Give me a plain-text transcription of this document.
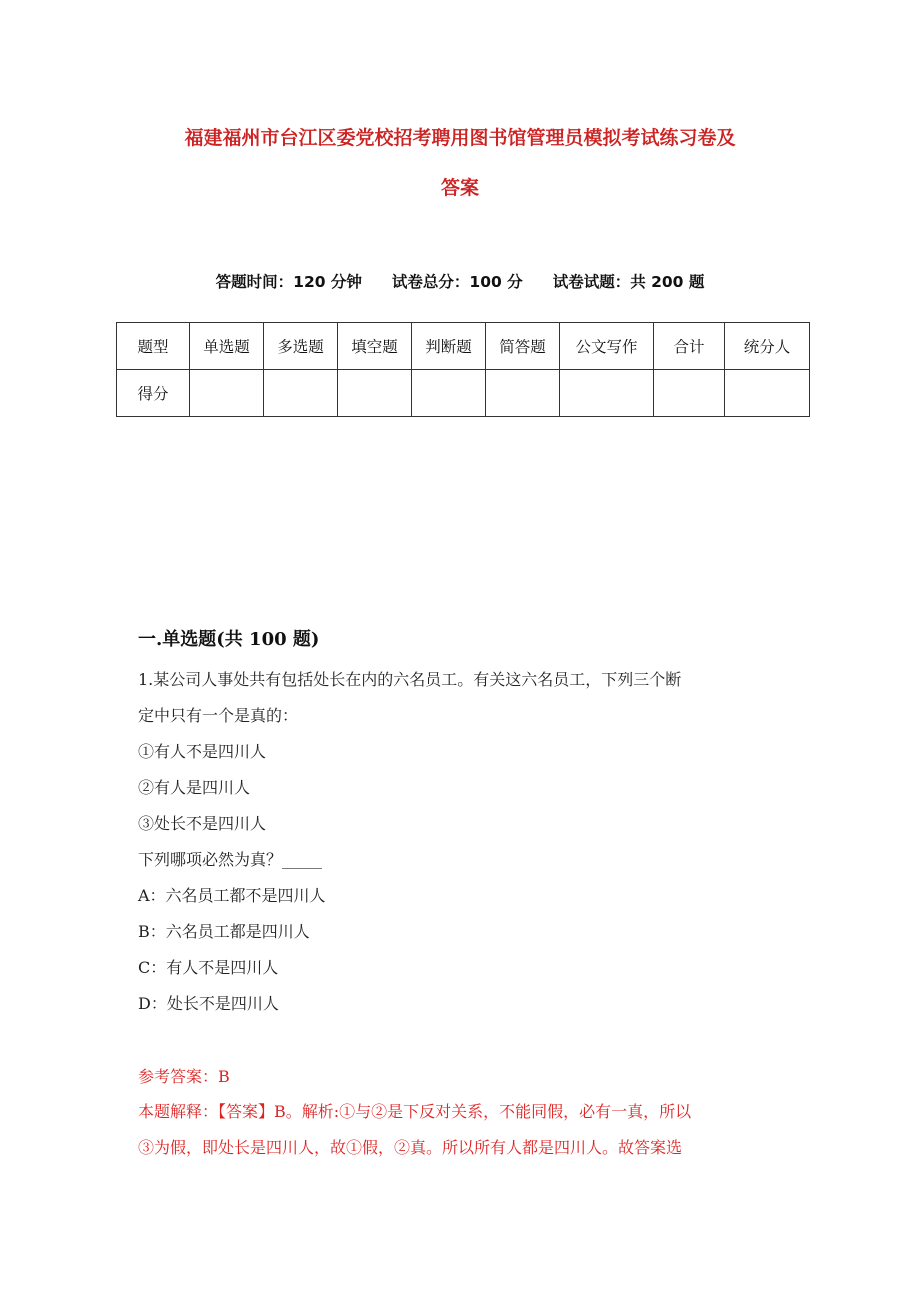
福建福州市台江区委党校招考聘用图书馆管理员模拟考试练习卷及
答案
答题时间：120 分钟 试卷总分：100 分 试卷试题：共 200 题
题型	单选题	多选题	填空题	判断题	简答题	公文写作	合计	统分人
得分								
一.单选题(共 100 题)
1.某公司人事处共有包括处长在内的六名员工。有关这六名员工，下列三个断
定中只有一个是真的：
①有人不是四川人
②有人是四川人
③处长不是四川人
下列哪项必然为真？_____
A：六名员工都不是四川人
B：六名员工都是四川人
C：有人不是四川人
D：处长不是四川人
参考答案：B
本题解释：【答案】B。解析:①与②是下反对关系，不能同假，必有一真，所以
③为假，即处长是四川人，故①假，②真。所以所有人都是四川人。故答案选
